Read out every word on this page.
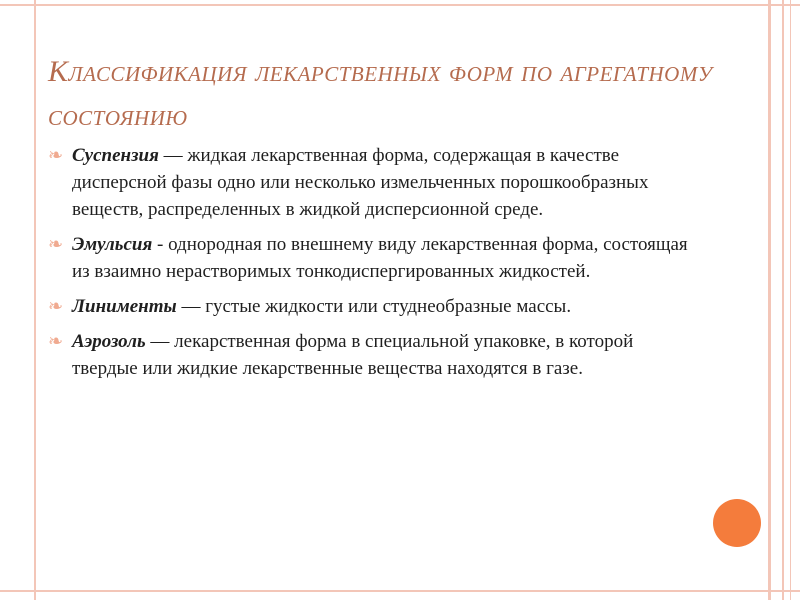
Классификация лекарственных форм по агрегатному состоянию
❧ Суспензия — жидкая лекарственная форма, содержащая в качестве дисперсной фазы одно или несколько измельченных порошкообразных веществ, распределенных в жидкой дисперсионной среде.
❧ Эмульсия - однородная по внешнему виду лекарственная форма, состоящая из взаимно нерастворимых тонкодиспергированных жидкостей.
❧ Линименты — густые жидкости или студнеобразные массы.
❧ Аэрозоль — лекарственная форма в специальной упаковке, в которой твердые или жидкие лекарственные вещества находятся в газе.
